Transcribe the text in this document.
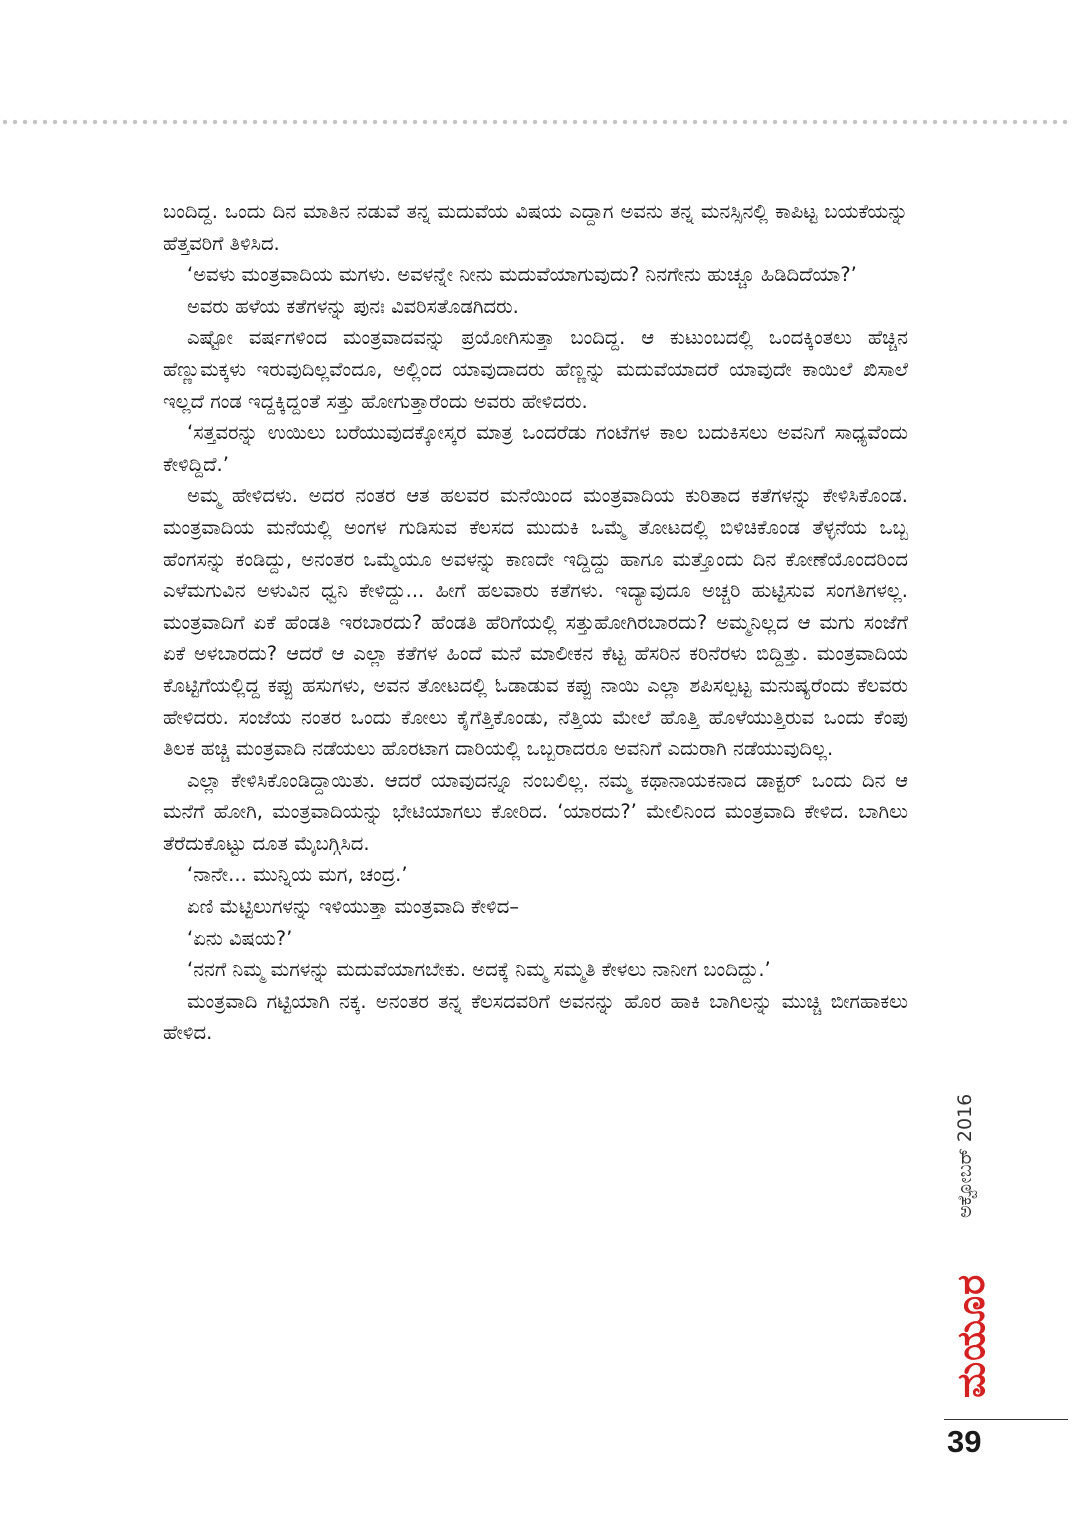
ಬಂದಿದ್ದ. ಒಂದು ದಿನ ಮಾತಿನ ನಡುವೆ ತನ್ನ ಮದುವೆಯ ವಿಷಯ ಎದ್ದಾಗ ಅವನು ತನ್ನ ಮನಸ್ಸಿನಲ್ಲಿ ಕಾಪಿಟ್ಟ ಬಯಕೆಯನ್ನು ಹೆತ್ತವರಿಗೆ ತಿಳಿಸಿದ.

‘ಅವಳು ಮಂತ್ರವಾದಿಯ ಮಗಳು. ಅವಳನ್ನೇ ನೀನು ಮದುವೆಯಾಗುವುದು? ನಿನಗೇನು ಹುಚ್ಚೂ ಹಿಡಿದಿದೆಯಾ?’

ಅವರು ಹಳೆಯ ಕತೆಗಳನ್ನು ಪುನಃ ವಿವರಿಸತೊಡಗಿದರು.

ಎಷ್ಟೋ ವರ್ಷಗಳಿಂದ ಮಂತ್ರವಾದವನ್ನು ಪ್ರಯೋಗಿಸುತ್ತಾ ಬಂದಿದ್ದ. ಆ ಕುಟುಂಬದಲ್ಲಿ ಒಂದಕ್ಕಿಂತಲು ಹೆಚ್ಚಿನ ಹೆಣ್ಣುಮಕ್ಕಳು ಇರುವುದಿಲ್ಲವೆಂದೂ, ಅಲ್ಲಿಂದ ಯಾವುದಾದರು ಹೆಣ್ಣನ್ನು ಮದುವೆಯಾದರೆ ಯಾವುದೇ ಕಾಯಿಲೆ ಖಿಸಾಲೆ ಇಲ್ಲದೆ ಗಂಡ ಇದ್ದಕ್ಕಿದ್ದಂತೆ ಸತ್ತು ಹೋಗುತ್ತಾರೆಂದು ಅವರು ಹೇಳಿದರು.

‘ಸತ್ತವರನ್ನು ಉಯಿಲು ಬರೆಯುವುದಕ್ಕೋಸ್ಕರ ಮಾತ್ರ ಒಂದರೆಡು ಗಂಟೆಗಳ ಕಾಲ ಬದುಕಿಸಲು ಅವನಿಗೆ ಸಾಧ್ಯವೆಂದು ಕೇಳಿದ್ದಿದೆ.’

ಅಮ್ಮ ಹೇಳಿದಳು. ಅದರ ನಂತರ ಆತ ಹಲವರ ಮನೆಯಿಂದ ಮಂತ್ರವಾದಿಯ ಕುರಿತಾದ ಕತೆಗಳನ್ನು ಕೇಳಿಸಿಕೊಂಡ. ಮಂತ್ರವಾದಿಯ ಮನೆಯಲ್ಲಿ ಅಂಗಳ ಗುಡಿಸುವ ಕೆಲಸದ ಮುದುಕಿ ಒಮ್ಮೆ ತೋಟದಲ್ಲಿ ಬಿಳಿಚಿಕೊಂಡ ತೆಳ್ಳನೆಯ ಒಬ್ಬ ಹೆಂಗಸನ್ನು ಕಂಡಿದ್ದು, ಅನಂತರ ಒಮ್ಮೆಯೂ ಅವಳನ್ನು ಕಾಣದೇ ಇದ್ದಿದ್ದು ಹಾಗೂ ಮತ್ತೊಂದು ದಿನ ಕೋಣೆಯೊಂದರಿಂದ ಎಳೆಮಗುವಿನ ಅಳುವಿನ ಧ್ವನಿ ಕೇಳಿದ್ದು... ಹೀಗೆ ಹಲವಾರು ಕತೆಗಳು. ಇದ್ಯಾವುದೂ ಅಚ್ಚರಿ ಹುಟ್ಟಿಸುವ ಸಂಗತಿಗಳಲ್ಲ. ಮಂತ್ರವಾದಿಗೆ ಏಕೆ ಹೆಂಡತಿ ಇರಬಾರದು? ಹೆಂಡತಿ ಹೆರಿಗೆಯಲ್ಲಿ ಸತ್ತುಹೋಗಿರಬಾರದು? ಅಮ್ಮನಿಲ್ಲದ ಆ ಮಗು ಸಂಜೆಗೆ ಏಕೆ ಅಳಬಾರದು? ಆದರೆ ಆ ಎಲ್ಲಾ ಕತೆಗಳ ಹಿಂದೆ ಮನೆ ಮಾಲೀಕನ ಕೆಟ್ಟ ಹೆಸರಿನ ಕರಿನೆರಳು ಬಿದ್ದಿತ್ತು. ಮಂತ್ರವಾದಿಯ ಕೊಟ್ಟಿಗೆಯಲ್ಲಿದ್ದ ಕಪ್ಪು ಹಸುಗಳು, ಅವನ ತೋಟದಲ್ಲಿ ಓಡಾಡುವ ಕಪ್ಪು ನಾಯಿ ಎಲ್ಲಾ ಶಪಿಸಲ್ಪಟ್ಟ ಮನುಷ್ಯರೆಂದು ಕೆಲವರು ಹೇಳಿದರು. ಸಂಜೆಯ ನಂತರ ಒಂದು ಕೋಲು ಕೈಗೆತ್ತಿಕೊಂಡು, ನೆತ್ತಿಯ ಮೇಲೆ ಹೊತ್ತಿ ಹೊಳೆಯುತ್ತಿರುವ ಒಂದು ಕೆಂಪು ತಿಲಕ ಹಚ್ಚಿ ಮಂತ್ರವಾದಿ ನಡೆಯಲು ಹೊರಟಾಗ ದಾರಿಯಲ್ಲಿ ಒಬ್ಬರಾದರೂ ಅವನಿಗೆ ಎದುರಾಗಿ ನಡೆಯುವುದಿಲ್ಲ.

ಎಲ್ಲಾ ಕೇಳಿಸಿಕೊಂಡಿದ್ದಾಯಿತು. ಆದರೆ ಯಾವುದನ್ನೂ ನಂಬಲಿಲ್ಲ. ನಮ್ಮ ಕಥಾನಾಯಕನಾದ ಡಾಕ್ಟರ್ ಒಂದು ದಿನ ಆ ಮನೆಗೆ ಹೋಗಿ, ಮಂತ್ರವಾದಿಯನ್ನು ಭೇಟಿಯಾಗಲು ಕೋರಿದ. ‘ಯಾರದು?’ ಮೇಲಿನಿಂದ ಮಂತ್ರವಾದಿ ಕೇಳಿದ. ಬಾಗಿಲು ತೆರೆದುಕೊಟ್ಟು ದೂತ ಮೈಬಗ್ಗಿಸಿದ.

‘ನಾನೇ... ಮುನ್ನಿಯ ಮಗ, ಚಂದ್ರ.’

ಏಣಿ ಮೆಟ್ಟಿಲುಗಳನ್ನು ಇಳಿಯುತ್ತಾ ಮಂತ್ರವಾದಿ ಕೇಳಿದ–

‘ಏನು ವಿಷಯ?’

‘ನನಗೆ ನಿಮ್ಮ ಮಗಳನ್ನು ಮದುವೆಯಾಗಬೇಕು. ಅದಕ್ಕೆ ನಿಮ್ಮ ಸಮ್ಮತಿ ಕೇಳಲು ನಾನೀಗ ಬಂದಿದ್ದು.’

ಮಂತ್ರವಾದಿ ಗಟ್ಟಿಯಾಗಿ ನಕ್ಕ. ಅನಂತರ ತನ್ನ ಕೆಲಸದವರಿಗೆ ಅವನನ್ನು ಹೊರ ಹಾಕಿ ಬಾಗಿಲನ್ನು ಮುಚ್ಚಿ ಬೀಗಹಾಕಲು ಹೇಳಿದ.

ಅಕ್ಟೋಬರ್ 2016
ಮಯೂರ
39
